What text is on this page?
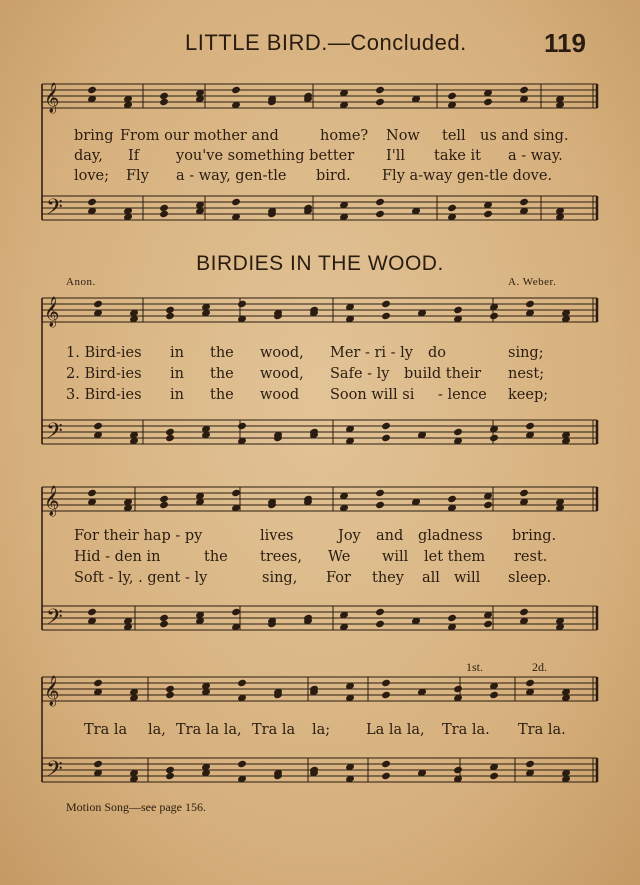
𝄞
𝄢
𝄞
𝄢
𝄞
𝄢
𝄞
𝄢
LITTLE BIRD.—Concluded.	119
BIRDIES IN THE WOOD.
Anon.	A. Weber.
1st.	2d.
Motion Song—see page 156.
bring From our mother and	home? Now tell us and sing.
day, If	you've something better I'll take it a - way.
love; Fly a - way, gen-tle bird. Fly a-way gen-tle dove.
1. Bird-ies in the wood, Mer - ri - ly do	sing;
2. Bird-ies in the wood, Safe - ly build their nest;
3. Bird-ies in the wood Soon will si - lence keep;
For their hap - py	lives	Joy and gladness bring.
Hid - den in	the trees, We will let them rest.
Soft - ly, . gent - ly	sing, For they all will sleep.
Tra la la, Tra la la, Tra la la; La la la, Tra la. Tra la.
